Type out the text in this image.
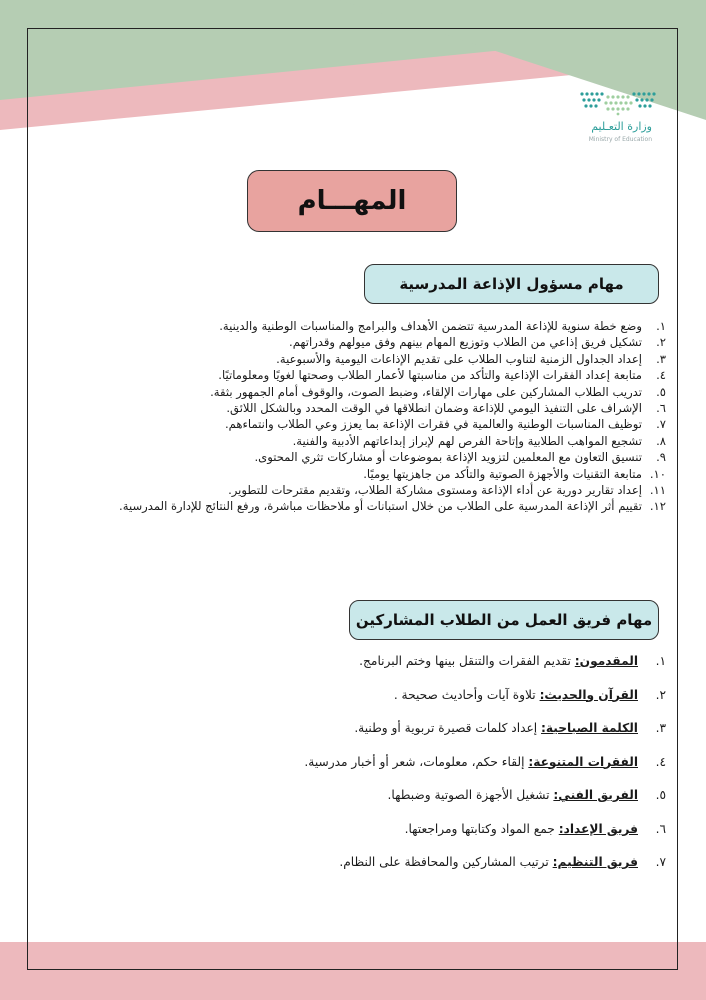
وزارة التعـليم
Ministry of Education
المهـــام
مهام مسؤول الإذاعة المدرسية
١.
وضع خطة سنوية للإذاعة المدرسية تتضمن الأهداف والبرامج والمناسبات الوطنية والدينية.
٢.
تشكيل فريق إذاعي من الطلاب وتوزيع المهام بينهم وفق ميولهم وقدراتهم.
٣.
إعداد الجداول الزمنية لتناوب الطلاب على تقديم الإذاعات اليومية والأسبوعية.
٤.
متابعة إعداد الفقرات الإذاعية والتأكد من مناسبتها لأعمار الطلاب وصحتها لغويًا ومعلوماتيًا.
٥.
تدريب الطلاب المشاركين على مهارات الإلقاء، وضبط الصوت، والوقوف أمام الجمهور بثقة.
٦.
الإشراف على التنفيذ اليومي للإذاعة وضمان انطلاقها في الوقت المحدد وبالشكل اللائق.
٧.
توظيف المناسبات الوطنية والعالمية في فقرات الإذاعة بما يعزز وعي الطلاب وانتماءهم.
٨.
تشجيع المواهب الطلابية وإتاحة الفرص لهم لإبراز إبداعاتهم الأدبية والفنية.
٩.
تنسيق التعاون مع المعلمين لتزويد الإذاعة بموضوعات أو مشاركات تثري المحتوى.
١٠.
متابعة التقنيات والأجهزة الصوتية والتأكد من جاهزيتها يوميًا.
١١.
إعداد تقارير دورية عن أداء الإذاعة ومستوى مشاركة الطلاب، وتقديم مقترحات للتطوير.
١٢.
تقييم أثر الإذاعة المدرسية على الطلاب من خلال استبانات أو ملاحظات مباشرة، ورفع النتائج للإدارة المدرسية.
مهام فريق العمل من الطلاب المشاركين
١.
المقدمون: تقديم الفقرات والتنقل بينها وختم البرنامج.
٢.
القرآن والحديث: تلاوة آيات وأحاديث صحيحة .
٣.
الكلمة الصباحية: إعداد كلمات قصيرة تربوية أو وطنية.
٤.
الفقرات المتنوعة: إلقاء حكم، معلومات، شعر أو أخبار مدرسية.
٥.
الفريق الفني: تشغيل الأجهزة الصوتية وضبطها.
٦.
فريق الإعداد: جمع المواد وكتابتها ومراجعتها.
٧.
فريق التنظيم: ترتيب المشاركين والمحافظة على النظام.
